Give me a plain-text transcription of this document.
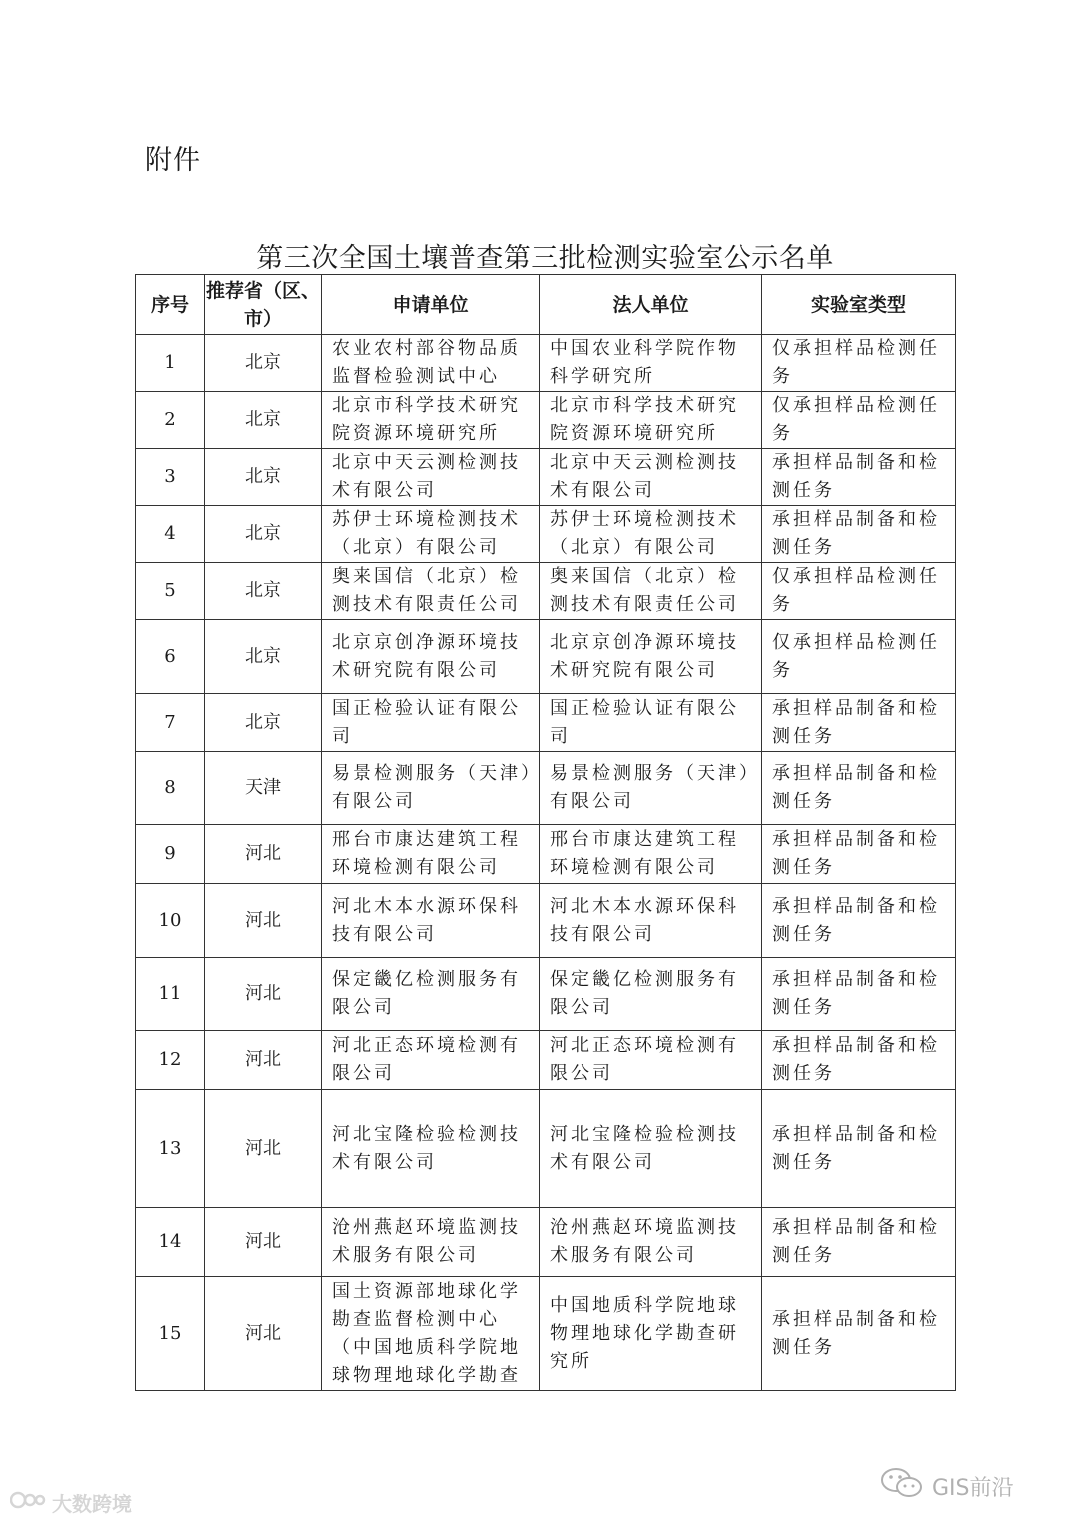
附件
第三次全国土壤普查第三批检测实验室公示名单
序号	推荐省（区、市）	申请单位	法人单位	实验室类型
1	北京	农业农村部谷物品质监督检验测试中心	中国农业科学院作物科学研究所	仅承担样品检测任务
2	北京	北京市科学技术研究院资源环境研究所	北京市科学技术研究院资源环境研究所	仅承担样品检测任务
3	北京	北京中天云测检测技术有限公司	北京中天云测检测技术有限公司	承担样品制备和检测任务
4	北京	苏伊士环境检测技术（北京）有限公司	苏伊士环境检测技术（北京）有限公司	承担样品制备和检测任务
5	北京	奥来国信（北京）检测技术有限责任公司	奥来国信（北京）检测技术有限责任公司	仅承担样品检测任务
6	北京	北京京创净源环境技术研究院有限公司	北京京创净源环境技术研究院有限公司	仅承担样品检测任务
7	北京	国正检验认证有限公司	国正检验认证有限公司	承担样品制备和检测任务
8	天津	易景检测服务（天津）有限公司	易景检测服务（天津）有限公司	承担样品制备和检测任务
9	河北	邢台市康达建筑工程环境检测有限公司	邢台市康达建筑工程环境检测有限公司	承担样品制备和检测任务
10	河北	河北木本水源环保科技有限公司	河北木本水源环保科技有限公司	承担样品制备和检测任务
11	河北	保定畿亿检测服务有限公司	保定畿亿检测服务有限公司	承担样品制备和检测任务
12	河北	河北正态环境检测有限公司	河北正态环境检测有限公司	承担样品制备和检测任务
13	河北	河北宝隆检验检测技术有限公司	河北宝隆检验检测技术有限公司	承担样品制备和检测任务
14	河北	沧州燕赵环境监测技术服务有限公司	沧州燕赵环境监测技术服务有限公司	承担样品制备和检测任务
15	河北	国土资源部地球化学勘查监督检测中心（中国地质科学院地球物理地球化学勘查	中国地质科学院地球物理地球化学勘查研究所	承担样品制备和检测任务
大数跨境
GIS前沿
